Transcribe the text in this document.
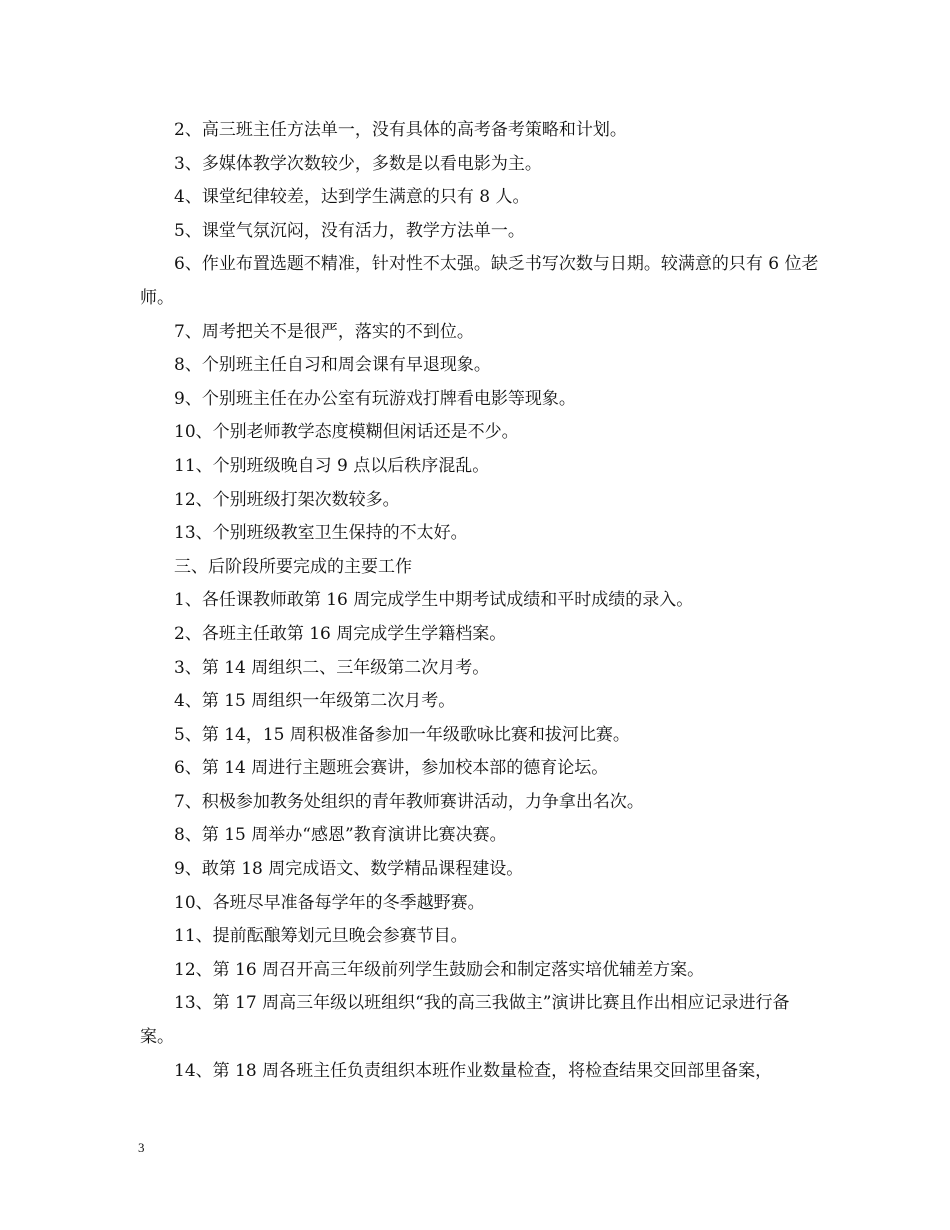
2、高三班主任方法单一，没有具体的高考备考策略和计划。

3、多媒体教学次数较少，多数是以看电影为主。

4、课堂纪律较差，达到学生满意的只有 8 人。

5、课堂气氛沉闷，没有活力，教学方法单一。

6、作业布置选题不精准，针对性不太强。缺乏书写次数与日期。较满意的只有 6 位老师。

7、周考把关不是很严，落实的不到位。

8、个别班主任自习和周会课有早退现象。

9、个别班主任在办公室有玩游戏打牌看电影等现象。

10、个别老师教学态度模糊但闲话还是不少。

11、个别班级晚自习 9 点以后秩序混乱。

12、个别班级打架次数较多。

13、个别班级教室卫生保持的不太好。

三、后阶段所要完成的主要工作

1、各任课教师敢第 16 周完成学生中期考试成绩和平时成绩的录入。

2、各班主任敢第 16 周完成学生学籍档案。

3、第 14 周组织二、三年级第二次月考。

4、第 15 周组织一年级第二次月考。

5、第 14，15 周积极准备参加一年级歌咏比赛和拔河比赛。

6、第 14 周进行主题班会赛讲，参加校本部的德育论坛。

7、积极参加教务处组织的青年教师赛讲活动，力争拿出名次。

8、第 15 周举办“感恩”教育演讲比赛决赛。

9、敢第 18 周完成语文、数学精品课程建设。

10、各班尽早准备每学年的冬季越野赛。

11、提前酝酿筹划元旦晚会参赛节目。

12、第 16 周召开高三年级前列学生鼓励会和制定落实培优辅差方案。

13、第 17 周高三年级以班组织“我的高三我做主”演讲比赛且作出相应记录进行备案。

14、第 18 周各班主任负责组织本班作业数量检查，将检查结果交回部里备案，

3
